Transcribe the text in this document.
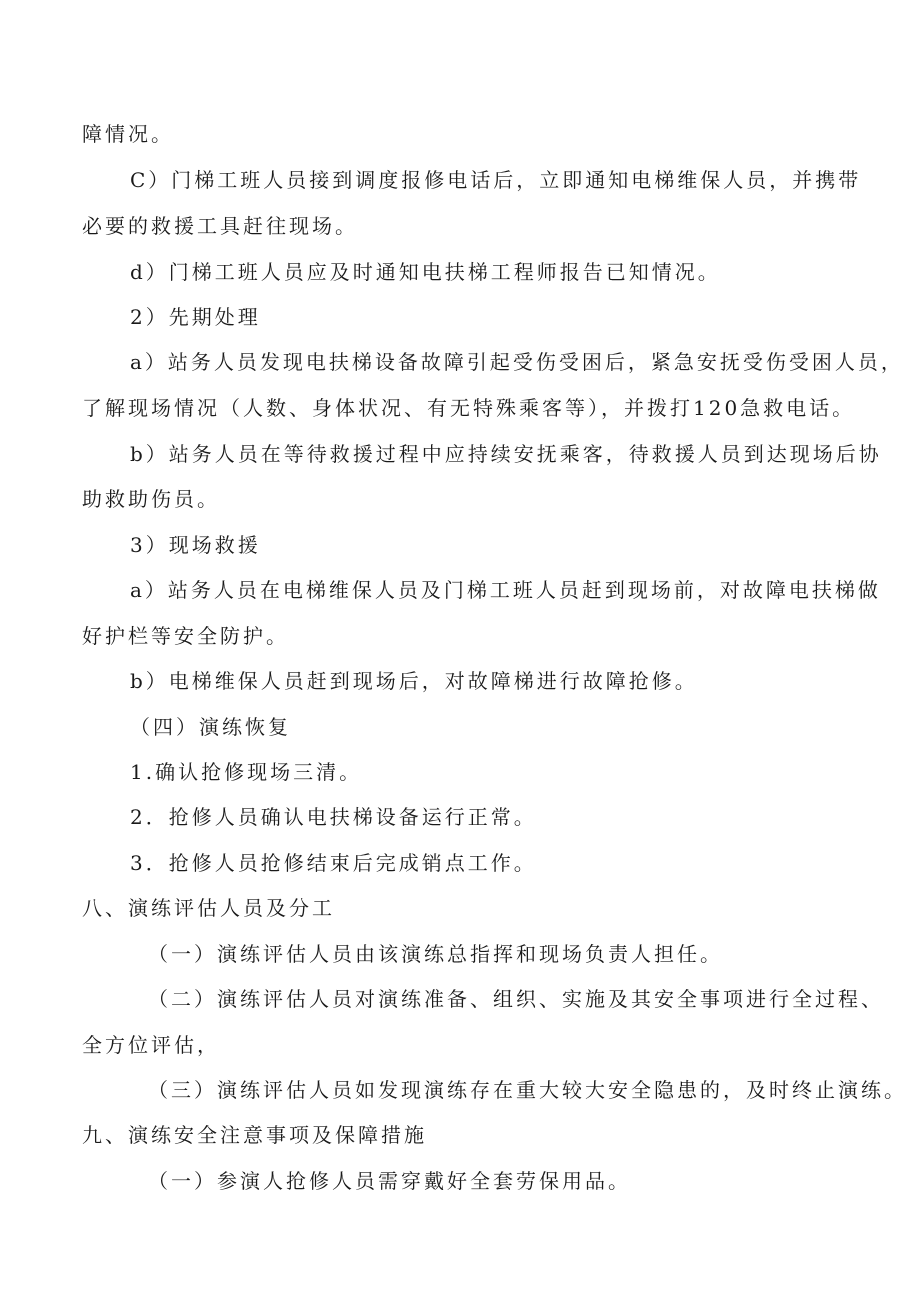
障情况。
C）门梯工班人员接到调度报修电话后，立即通知电梯维保人员，并携带
必要的救援工具赶往现场。
d）门梯工班人员应及时通知电扶梯工程师报告已知情况。
2）先期处理
a）站务人员发现电扶梯设备故障引起受伤受困后，紧急安抚受伤受困人员，
了解现场情况（人数、身体状况、有无特殊乘客等），并拨打120急救电话。
b）站务人员在等待救援过程中应持续安抚乘客，待救援人员到达现场后协
助救助伤员。
3）现场救援
a）站务人员在电梯维保人员及门梯工班人员赶到现场前，对故障电扶梯做
好护栏等安全防护。
b）电梯维保人员赶到现场后，对故障梯进行故障抢修。
（四）演练恢复
1.确认抢修现场三清。
2．抢修人员确认电扶梯设备运行正常。
3．抢修人员抢修结束后完成销点工作。
八、演练评估人员及分工
（一）演练评估人员由该演练总指挥和现场负责人担任。
（二）演练评估人员对演练准备、组织、实施及其安全事项进行全过程、
全方位评估，
（三）演练评估人员如发现演练存在重大较大安全隐患的，及时终止演练。
九、演练安全注意事项及保障措施
（一）参演人抢修人员需穿戴好全套劳保用品。
